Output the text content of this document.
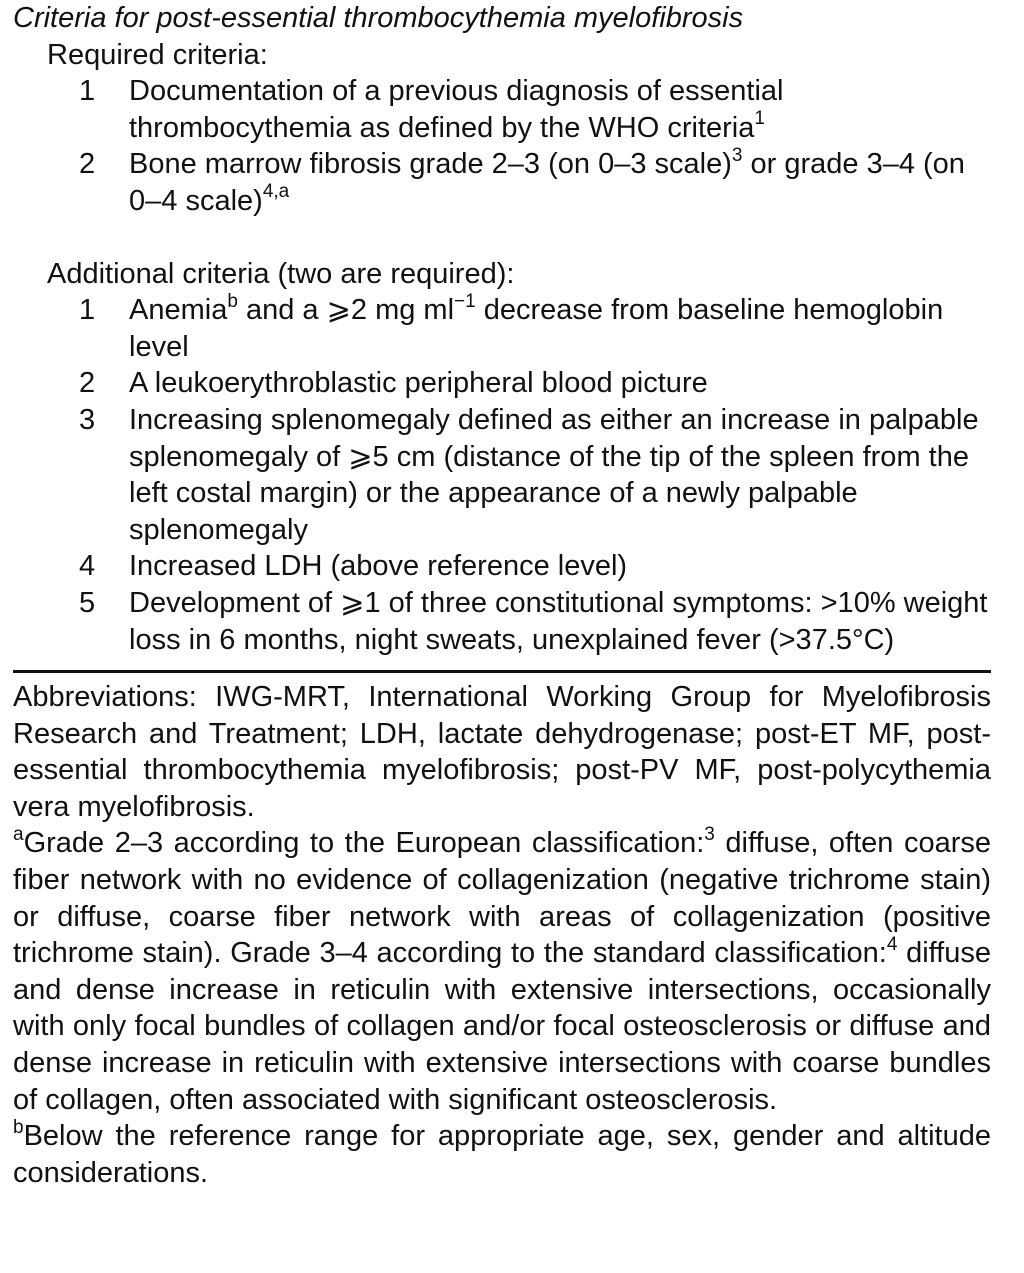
Criteria for post-essential thrombocythemia myelofibrosis

Required criteria:

1	Documentation of a previous diagnosis of essential thrombocythemia as defined by the WHO criteria$^1$
2	Bone marrow fibrosis grade 2–3 (on 0–3 scale)$^3$ or grade 3–4 (on 0–4 scale)$^{4,a}$

Additional criteria (two are required):

1	Anemia$^b$ and a ⩾2 mg $ml^{-1}$ decrease from baseline hemoglobin level
2	A leukoerythroblastic peripheral blood picture
3	Increasing splenomegaly defined as either an increase in palpable splenomegaly of ⩾5 cm (distance of the tip of the spleen from the left costal margin) or the appearance of a newly palpable splenomegaly
4	Increased LDH (above reference level)
5	Development of ⩾1 of three constitutional symptoms: >10% weight loss in 6 months, night sweats, unexplained fever (>37.5°C)

Abbreviations: IWG-MRT, International Working Group for Myelofibrosis Research and Treatment; LDH, lactate dehydrogenase; post-ET MF, post-essential thrombocythemia myelofibrosis; post-PV MF, post-polycythemia vera myelofibrosis.

$^a$Grade 2–3 according to the European classification:$^3$ diffuse, often coarse fiber network with no evidence of collagenization (negative trichrome stain) or diffuse, coarse fiber network with areas of collagenization (positive trichrome stain). Grade 3–4 according to the standard classification:$^4$ diffuse and dense increase in reticulin with extensive intersections, occasionally with only focal bundles of collagen and/or focal osteosclerosis or diffuse and dense increase in reticulin with extensive intersections with coarse bundles of collagen, often associated with significant osteosclerosis.

$^b$Below the reference range for appropriate age, sex, gender and altitude considerations.
